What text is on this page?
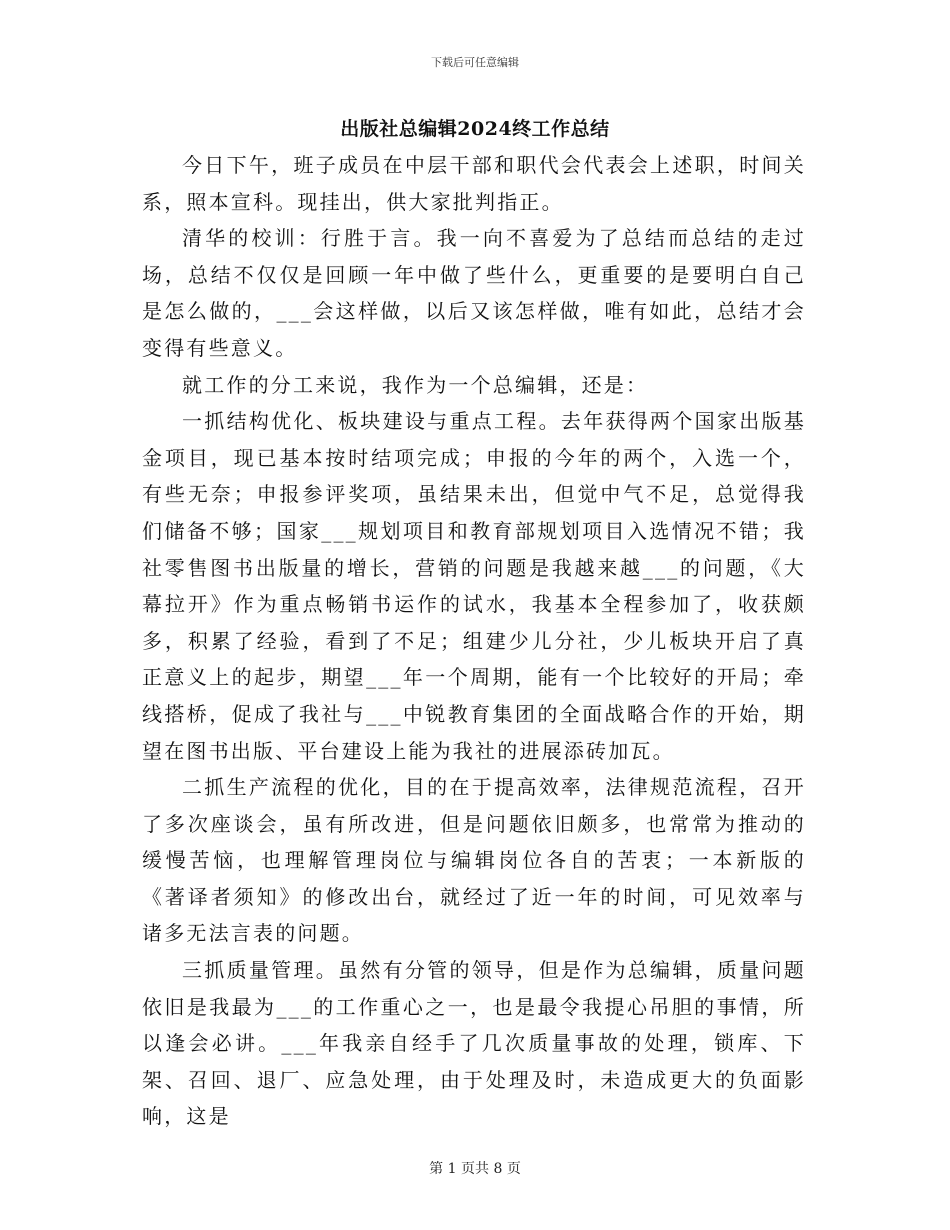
下载后可任意编辑
出版社总编辑2024终工作总结

今日下午，班子成员在中层干部和职代会代表会上述职，时间关系，照本宣科。现挂出，供大家批判指正。

清华的校训：行胜于言。我一向不喜爱为了总结而总结的走过场，总结不仅仅是回顾一年中做了些什么，更重要的是要明白自己是怎么做的，___会这样做，以后又该怎样做，唯有如此，总结才会变得有些意义。

就工作的分工来说，我作为一个总编辑，还是：

一抓结构优化、板块建设与重点工程。去年获得两个国家出版基金项目，现已基本按时结项完成；申报的今年的两个，入选一个，有些无奈；申报参评奖项，虽结果未出，但觉中气不足，总觉得我们储备不够；国家___规划项目和教育部规划项目入选情况不错；我社零售图书出版量的增长，营销的问题是我越来越___的问题，《大幕拉开》作为重点畅销书运作的试水，我基本全程参加了，收获颇多，积累了经验，看到了不足；组建少儿分社，少儿板块开启了真正意义上的起步，期望___年一个周期，能有一个比较好的开局；牵线搭桥，促成了我社与___中锐教育集团的全面战略合作的开始，期望在图书出版、平台建设上能为我社的进展添砖加瓦。

二抓生产流程的优化，目的在于提高效率，法律规范流程，召开了多次座谈会，虽有所改进，但是问题依旧颇多，也常常为推动的缓慢苦恼，也理解管理岗位与编辑岗位各自的苦衷；一本新版的《著译者须知》的修改出台，就经过了近一年的时间，可见效率与诸多无法言表的问题。

三抓质量管理。虽然有分管的领导，但是作为总编辑，质量问题依旧是我最为___的工作重心之一，也是最令我提心吊胆的事情，所以逢会必讲。___年我亲自经手了几次质量事故的处理，锁库、下架、召回、退厂、应急处理，由于处理及时，未造成更大的负面影响，这是

第 1 页共 8 页
